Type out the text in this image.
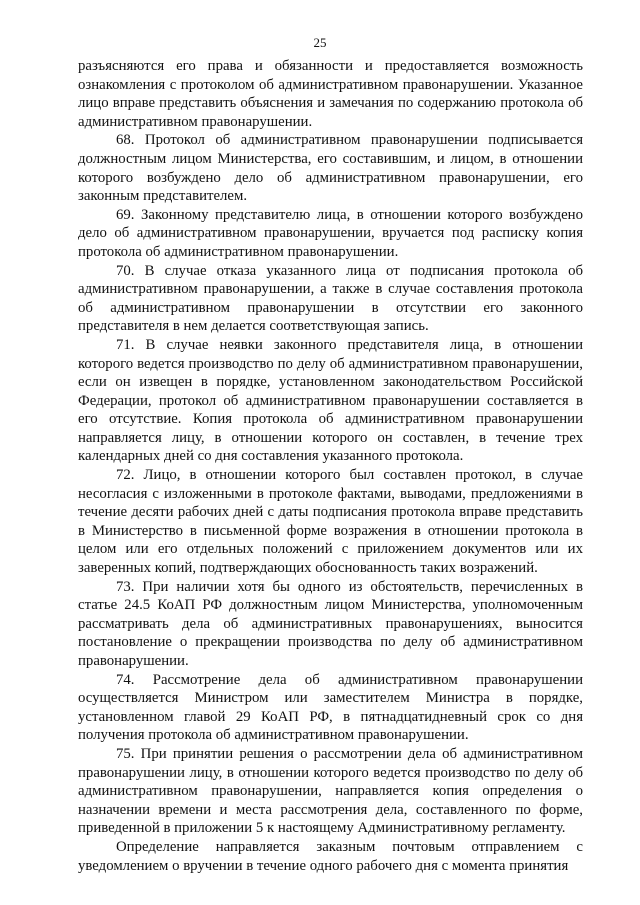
25

разъясняются его права и обязанности и предоставляется возможность ознакомления с протоколом об административном правонарушении. Указанное лицо вправе представить объяснения и замечания по содержанию протокола об административном правонарушении.

68. Протокол об административном правонарушении подписывается должностным лицом Министерства, его составившим, и лицом, в отношении которого возбуждено дело об административном правонарушении, его законным представителем.

69. Законному представителю лица, в отношении которого возбуждено дело об административном правонарушении, вручается под расписку копия протокола об административном правонарушении.

70. В случае отказа указанного лица от подписания протокола об административном правонарушении, а также в случае составления протокола об административном правонарушении в отсутствии его законного представителя в нем делается соответствующая запись.

71. В случае неявки законного представителя лица, в отношении которого ведется производство по делу об административном правонарушении, если он извещен в порядке, установленном законодательством Российской Федерации, протокол об административном правонарушении составляется в его отсутствие. Копия протокола об административном правонарушении направляется лицу, в отношении которого он составлен, в течение трех календарных дней со дня составления указанного протокола.

72. Лицо, в отношении которого был составлен протокол, в случае несогласия с изложенными в протоколе фактами, выводами, предложениями в течение десяти рабочих дней с даты подписания протокола вправе представить в Министерство в письменной форме возражения в отношении протокола в целом или его отдельных положений с приложением документов или их заверенных копий, подтверждающих обоснованность таких возражений.

73. При наличии хотя бы одного из обстоятельств, перечисленных в статье 24.5 КоАП РФ должностным лицом Министерства, уполномоченным рассматривать дела об административных правонарушениях, выносится постановление о прекращении производства по делу об административном правонарушении.

74. Рассмотрение дела об административном правонарушении осуществляется Министром или заместителем Министра в порядке, установленном главой 29 КоАП РФ, в пятнадцатидневный срок со дня получения протокола об административном правонарушении.

75. При принятии решения о рассмотрении дела об административном правонарушении лицу, в отношении которого ведется производство по делу об административном правонарушении, направляется копия определения о назначении времени и места рассмотрения дела, составленного по форме, приведенной в приложении 5 к настоящему Административному регламенту.

Определение направляется заказным почтовым отправлением с уведомлением о вручении в течение одного рабочего дня с момента принятия
